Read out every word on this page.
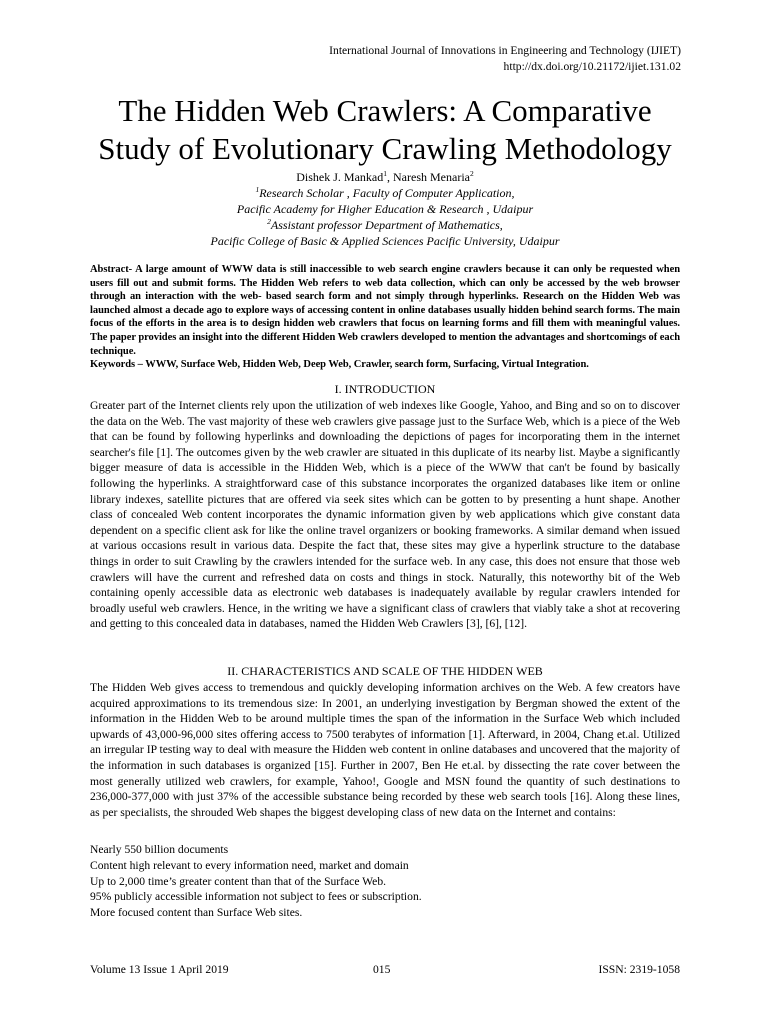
International Journal of Innovations in Engineering and Technology (IJIET)
http://dx.doi.org/10.21172/ijiet.131.02
The Hidden Web Crawlers: A Comparative
Study of Evolutionary Crawling Methodology
Dishek J. Mankad$^1$, Naresh Menaria$^2$
$^1$Research Scholar , Faculty of Computer Application,
Pacific Academy for Higher Education & Research , Udaipur
$^2$Assistant professor Department of Mathematics,
Pacific College of Basic & Applied Sciences Pacific University, Udaipur

Abstract- A large amount of WWW data is still inaccessible to web search engine crawlers because it can only be requested when users fill out and submit forms. The Hidden Web refers to web data collection, which can only be accessed by the web browser through an interaction with the web- based search form and not simply through hyperlinks. Research on the Hidden Web was launched almost a decade ago to explore ways of accessing content in online databases usually hidden behind search forms. The main focus of the efforts in the area is to design hidden web crawlers that focus on learning forms and fill them with meaningful values. The paper provides an insight into the different Hidden Web crawlers developed to mention the advantages and shortcomings of each technique.

Keywords – WWW, Surface Web, Hidden Web, Deep Web, Crawler, search form, Surfacing, Virtual Integration.

I. INTRODUCTION
Greater part of the Internet clients rely upon the utilization of web indexes like Google, Yahoo, and Bing and so on to discover the data on the Web. The vast majority of these web crawlers give passage just to the Surface Web, which is a piece of the Web that can be found by following hyperlinks and downloading the depictions of pages for incorporating them in the internet searcher's file [1]. The outcomes given by the web crawler are situated in this duplicate of its nearby list. Maybe a significantly bigger measure of data is accessible in the Hidden Web, which is a piece of the WWW that can't be found by basically following the hyperlinks. A straightforward case of this substance incorporates the organized databases like item or online library indexes, satellite pictures that are offered via seek sites which can be gotten to by presenting a hunt shape. Another class of concealed Web content incorporates the dynamic information given by web applications which give constant data dependent on a specific client ask for like the online travel organizers or booking frameworks. A similar demand when issued at various occasions result in various data. Despite the fact that, these sites may give a hyperlink structure to the database things in order to suit Crawling by the crawlers intended for the surface web. In any case, this does not ensure that those web crawlers will have the current and refreshed data on costs and things in stock. Naturally, this noteworthy bit of the Web containing openly accessible data as electronic web databases is inadequately available by regular crawlers intended for broadly useful web crawlers. Hence, in the writing we have a significant class of crawlers that viably take a shot at recovering and getting to this concealed data in databases, named the Hidden Web Crawlers [3], [6], [12].
II. CHARACTERISTICS AND SCALE OF THE HIDDEN WEB
The Hidden Web gives access to tremendous and quickly developing information archives on the Web. A few creators have acquired approximations to its tremendous size: In 2001, an underlying investigation by Bergman showed the extent of the information in the Hidden Web to be around multiple times the span of the information in the Surface Web which included upwards of 43,000-96,000 sites offering access to 7500 terabytes of information [1]. Afterward, in 2004, Chang et.al. Utilized an irregular IP testing way to deal with measure the Hidden web content in online databases and uncovered that the majority of the information in such databases is organized [15]. Further in 2007, Ben He et.al. by dissecting the rate cover between the most generally utilized web crawlers, for example, Yahoo!, Google and MSN found the quantity of such destinations to 236,000-377,000 with just 37% of the accessible substance being recorded by these web search tools [16]. Along these lines, as per specialists, the shrouded Web shapes the biggest developing class of new data on the Internet and contains:
Nearly 550 billion documents
Content high relevant to every information need, market and domain
Up to 2,000 time’s greater content than that of the Surface Web.
95% publicly accessible information not subject to fees or subscription.
More focused content than Surface Web sites.
Volume 13 Issue 1 April 2019	015	ISSN: 2319-1058
